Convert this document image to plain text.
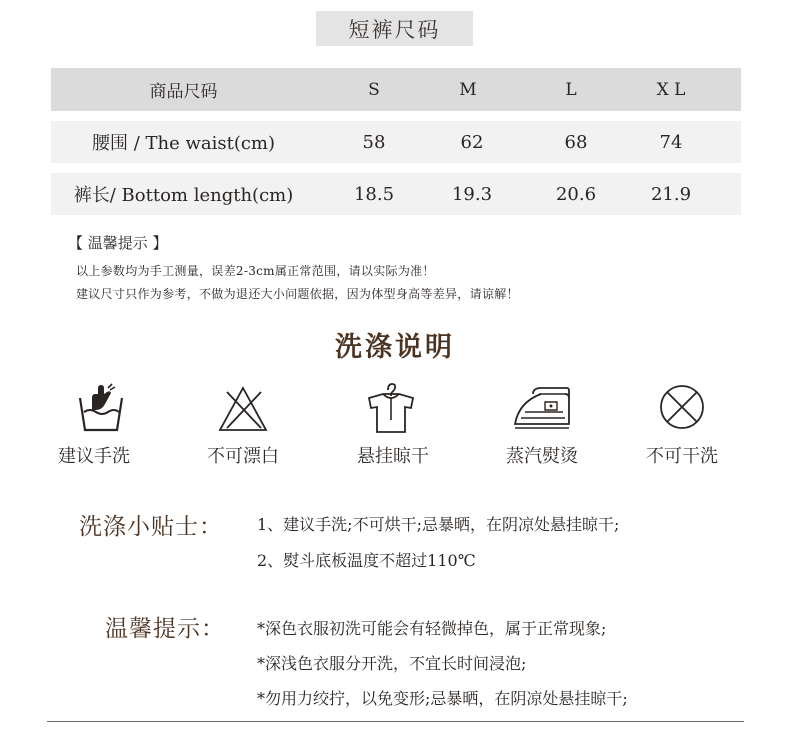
短裤尺码
商品尺码	S	M	L	X L
腰围 / The waist(cm)	58	62	68	74
裤长/ Bottom length(cm)	18.5	19.3	20.6	21.9
【 温馨提示 】
以上参数均为手工测量，误差2-3cm属正常范围，请以实际为准！
建议尺寸只作为参考，不做为退还大小问题依据，因为体型身高等差异，请谅解！
洗涤说明
建议手洗	不可漂白	悬挂晾干	蒸汽熨烫	不可干洗
洗涤小贴士： 1、建议手洗;不可烘干;忌暴晒，在阴凉处悬挂晾干;
2、熨斗底板温度不超过110℃
温馨提示： *深色衣服初洗可能会有轻微掉色，属于正常现象;
*深浅色衣服分开洗，不宜长时间浸泡;
*勿用力绞拧，以免变形;忌暴晒，在阴凉处悬挂晾干;
